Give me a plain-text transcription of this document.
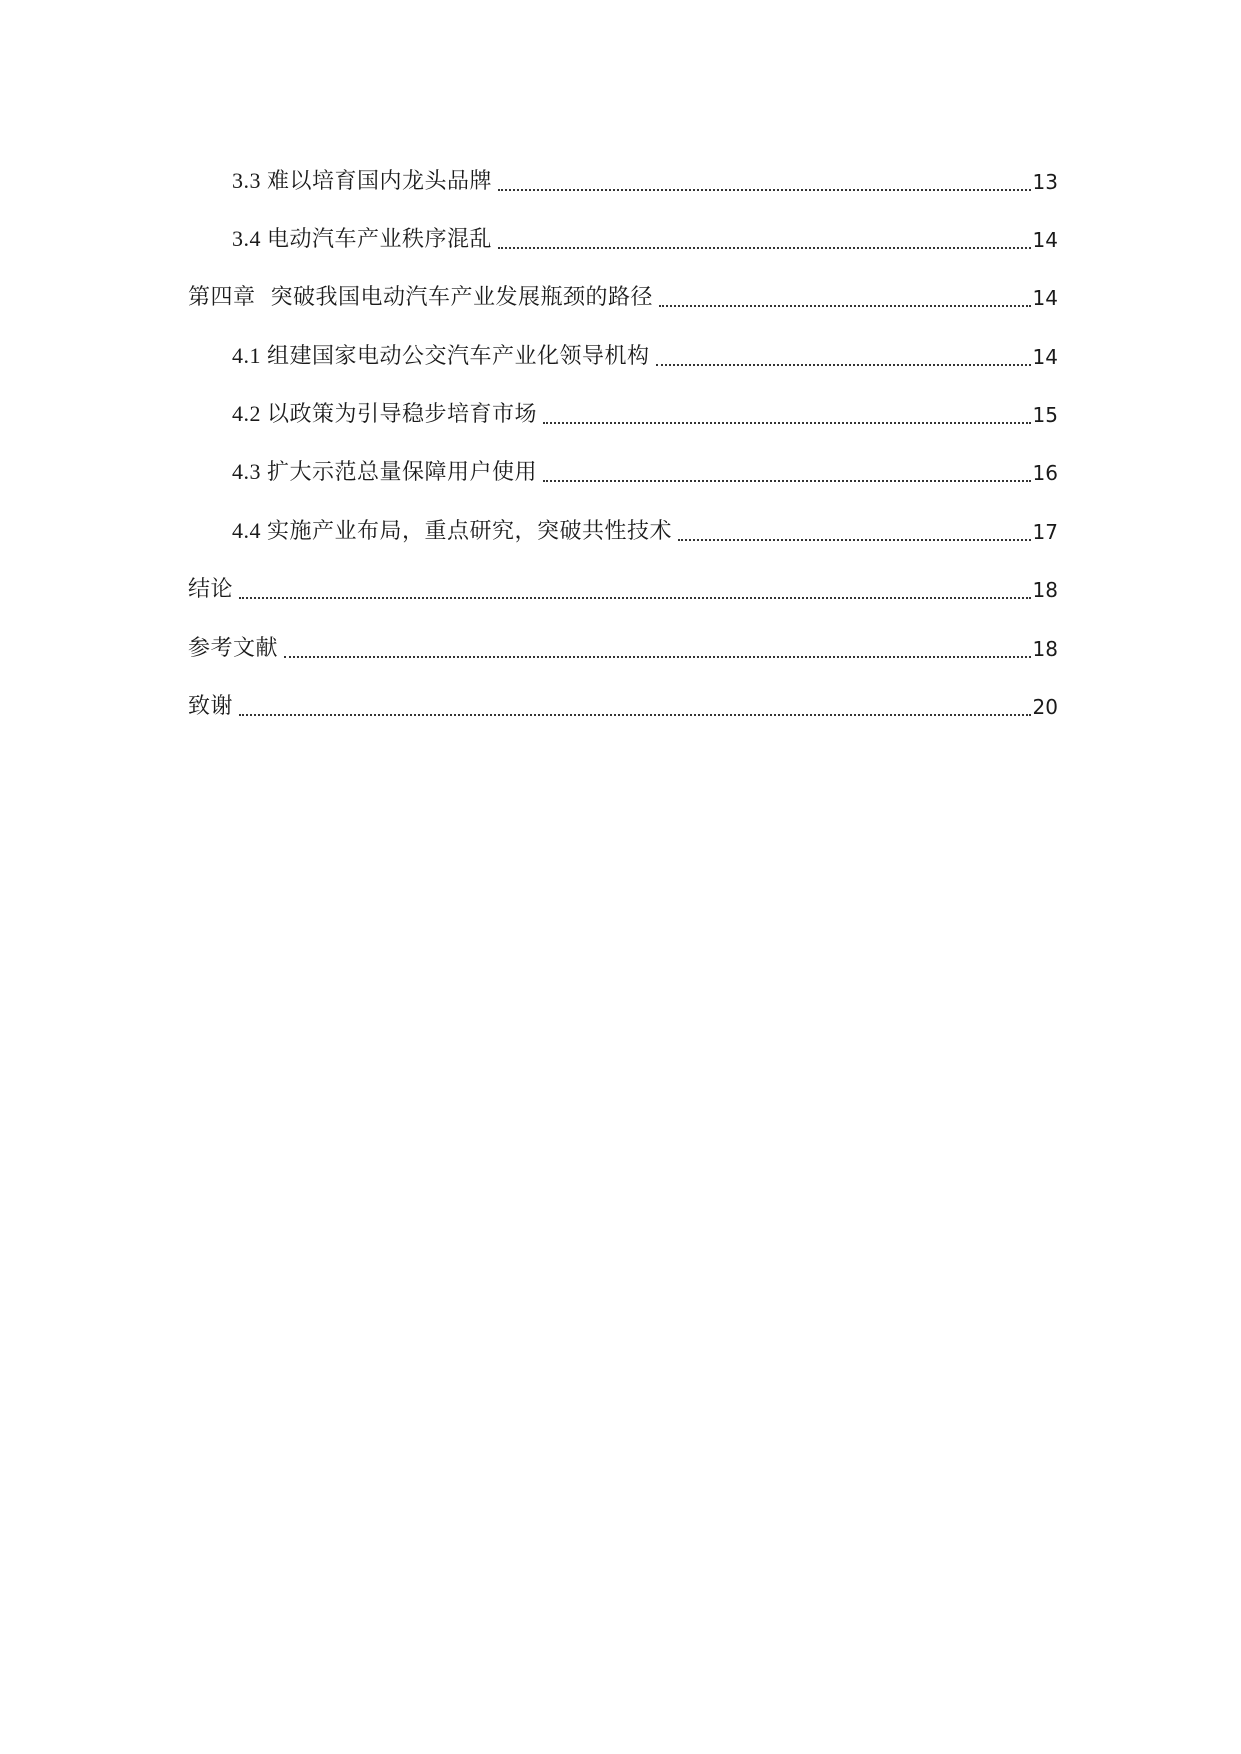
3.3 难以培育国内龙头品牌	13
3.4 电动汽车产业秩序混乱	14
第四章  突破我国电动汽车产业发展瓶颈的路径	14
4.1 组建国家电动公交汽车产业化领导机构	14
4.2 以政策为引导稳步培育市场	15
4.3 扩大示范总量保障用户使用	16
4.4 实施产业布局，重点研究，突破共性技术	17
结论	18
参考文献	18
致谢	20
